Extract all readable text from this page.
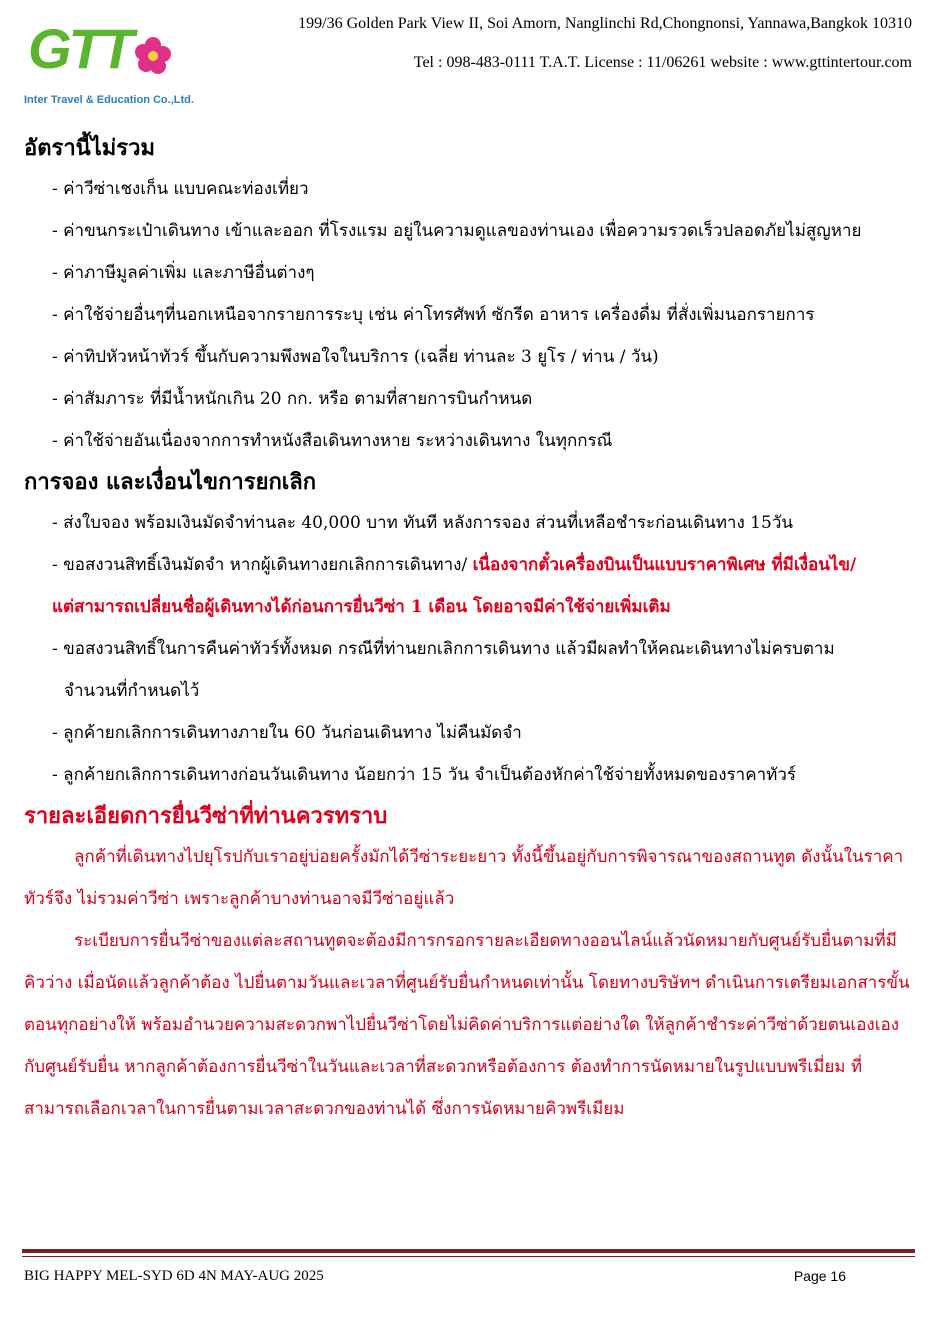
GTT
Inter Travel & Education Co.,Ltd.
199/36 Golden Park View II, Soi Amorn, Nanglinchi Rd,Chongnonsi, Yannawa,Bangkok 10310
Tel : 098-483-0111 T.A.T. License : 11/06261 website : www.gttintertour.com
อัตรานี้ไม่รวม
- ค่าวีซ่าเชงเก็น แบบคณะท่องเที่ยว
- ค่าขนกระเป๋าเดินทาง เข้าและออก ที่โรงแรม อยู่ในความดูแลของท่านเอง เพื่อความรวดเร็วปลอดภัยไม่สูญหาย
- ค่าภาษีมูลค่าเพิ่ม และภาษีอื่นต่างๆ
- ค่าใช้จ่ายอื่นๆที่นอกเหนือจากรายการระบุ เช่น ค่าโทรศัพท์ ซักรีด อาหาร เครื่องดื่ม ที่สั่งเพิ่มนอกรายการ
- ค่าทิปหัวหน้าทัวร์ ขึ้นกับความพึงพอใจในบริการ (เฉลี่ย ท่านละ 3 ยูโร / ท่าน / วัน)
- ค่าสัมภาระ ที่มีน้ำหนักเกิน 20 กก. หรือ ตามที่สายการบินกำหนด
- ค่าใช้จ่ายอันเนื่องจากการทำหนังสือเดินทางหาย ระหว่างเดินทาง ในทุกกรณี
การจอง และเงื่อนไขการยกเลิก
- ส่งใบจอง พร้อมเงินมัดจำท่านละ 40,000 บาท ทันที หลังการจอง ส่วนที่เหลือชำระก่อนเดินทาง 15วัน
- ขอสงวนสิทธิ์เงินมัดจำ หากผู้เดินทางยกเลิกการเดินทาง/ เนื่องจากตั๋วเครื่องบินเป็นแบบราคาพิเศษ ที่มีเงื่อนไข/
แต่สามารถเปลี่ยนชื่อผู้เดินทางได้ก่อนการยื่นวีซ่า 1 เดือน โดยอาจมีค่าใช้จ่ายเพิ่มเติม
- ขอสงวนสิทธิ์ในการคืนค่าทัวร์ทั้งหมด กรณีที่ท่านยกเลิกการเดินทาง แล้วมีผลทำให้คณะเดินทางไม่ครบตาม
จำนวนที่กำหนดไว้
- ลูกค้ายกเลิกการเดินทางภายใน 60 วันก่อนเดินทาง ไม่คืนมัดจำ
- ลูกค้ายกเลิกการเดินทางก่อนวันเดินทาง น้อยกว่า 15 วัน จำเป็นต้องหักค่าใช้จ่ายทั้งหมดของราคาทัวร์
รายละเอียดการยื่นวีซ่าที่ท่านควรทราบ
ลูกค้าที่เดินทางไปยุโรปกับเราอยู่บ่อยครั้งมักได้วีซ่าระยะยาว ทั้งนี้ขึ้นอยู่กับการพิจารณาของสถานทูต ดังนั้นในราคาทัวร์จึง ไม่รวมค่าวีซ่า เพราะลูกค้าบางท่านอาจมีวีซ่าอยู่แล้ว
ระเบียบการยื่นวีซ่าของแต่ละสถานทูตจะต้องมีการกรอกรายละเอียดทางออนไลน์แล้วนัดหมายกับศูนย์รับยื่นตามที่มีคิวว่าง เมื่อนัดแล้วลูกค้าต้อง ไปยื่นตามวันและเวลาที่ศูนย์รับยื่นกำหนดเท่านั้น โดยทางบริษัทฯ ดำเนินการเตรียมเอกสารขั้นตอนทุกอย่างให้ พร้อมอำนวยความสะดวกพาไปยื่นวีซ่าโดยไม่คิดค่าบริการแต่อย่างใด ให้ลูกค้าชำระค่าวีซ่าด้วยตนเองเองกับศูนย์รับยื่น หากลูกค้าต้องการยื่นวีซ่าในวันและเวลาที่สะดวกหรือต้องการ ต้องทำการนัดหมายในรูปแบบพรีเมี่ยม ที่สามารถเลือกเวลาในการยื่นตามเวลาสะดวกของท่านได้ ซึ่งการนัดหมายคิวพรีเมียม
BIG HAPPY MEL-SYD 6D 4N MAY-AUG 2025	Page 16
